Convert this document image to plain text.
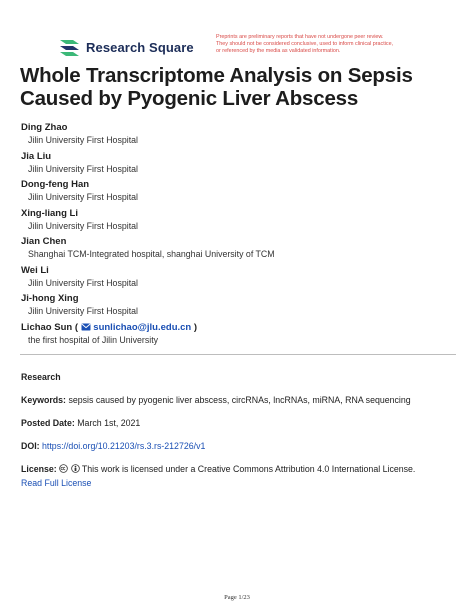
Research Square
Preprints are preliminary reports that have not undergone peer review.
They should not be considered conclusive, used to inform clinical practice,
or referenced by the media as validated information.
Whole Transcriptome Analysis on Sepsis Caused by Pyogenic Liver Abscess
Ding Zhao
Jilin University First Hospital
Jia Liu
Jilin University First Hospital
Dong-feng Han
Jilin University First Hospital
Xing-liang Li
Jilin University First Hospital
Jian Chen
Shanghai TCM-Integrated hospital, shanghai University of TCM
Wei Li
Jilin University First Hospital
Ji-hong Xing
Jilin University First Hospital
Lichao Sun ( sunlichao@jlu.edu.cn )
the first hospital of Jilin University
Research
Keywords: sepsis caused by pyogenic liver abscess, circRNAs, lncRNAs, miRNA, RNA sequencing
Posted Date: March 1st, 2021
DOI: https://doi.org/10.21203/rs.3.rs-212726/v1
License:	This work is licensed under a Creative Commons Attribution 4.0 International License.
Read Full License
Page 1/23
